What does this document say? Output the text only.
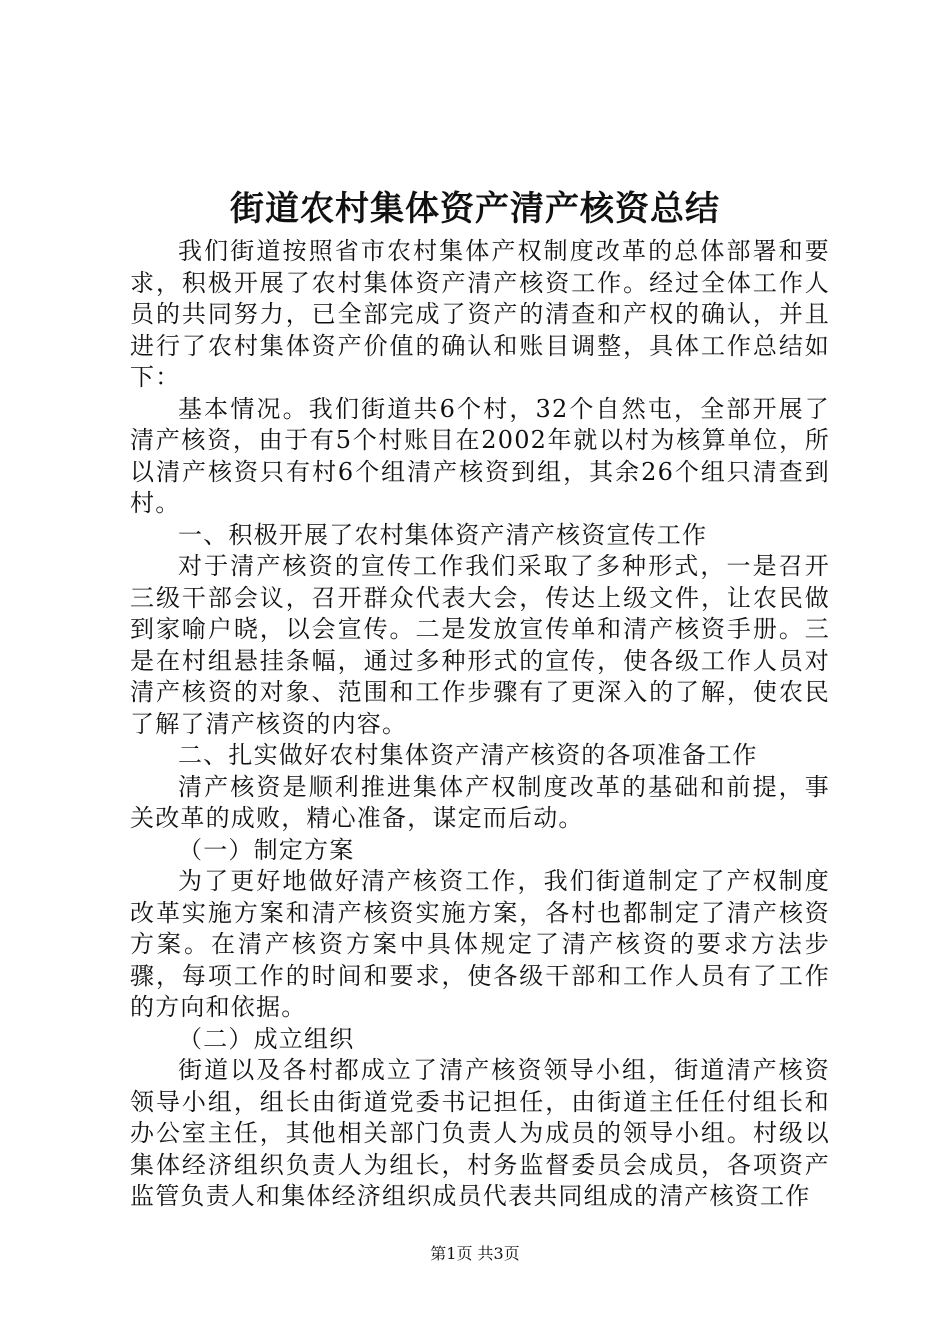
街道农村集体资产清产核资总结

我们街道按照省市农村集体产权制度改革的总体部署和要求，积极开展了农村集体资产清产核资工作。经过全体工作人员的共同努力，已全部完成了资产的清查和产权的确认，并且进行了农村集体资产价值的确认和账目调整，具体工作总结如下：

基本情况。我们街道共6个村，32个自然屯，全部开展了清产核资，由于有5个村账目在2002年就以村为核算单位，所以清产核资只有村6个组清产核资到组，其余26个组只清查到村。

一、积极开展了农村集体资产清产核资宣传工作

对于清产核资的宣传工作我们采取了多种形式，一是召开三级干部会议，召开群众代表大会，传达上级文件，让农民做到家喻户晓，以会宣传。二是发放宣传单和清产核资手册。三是在村组悬挂条幅，通过多种形式的宣传，使各级工作人员对清产核资的对象、范围和工作步骤有了更深入的了解，使农民了解了清产核资的内容。

二、扎实做好农村集体资产清产核资的各项准备工作

清产核资是顺利推进集体产权制度改革的基础和前提，事关改革的成败，精心准备，谋定而后动。

（一）制定方案

为了更好地做好清产核资工作，我们街道制定了产权制度改革实施方案和清产核资实施方案，各村也都制定了清产核资方案。在清产核资方案中具体规定了清产核资的要求方法步骤，每项工作的时间和要求，使各级干部和工作人员有了工作的方向和依据。

（二）成立组织

街道以及各村都成立了清产核资领导小组，街道清产核资领导小组，组长由街道党委书记担任，由街道主任任付组长和办公室主任，其他相关部门负责人为成员的领导小组。村级以集体经济组织负责人为组长，村务监督委员会成员，各项资产监管负责人和集体经济组织成员代表共同组成的清产核资工作

第1页 共3页
